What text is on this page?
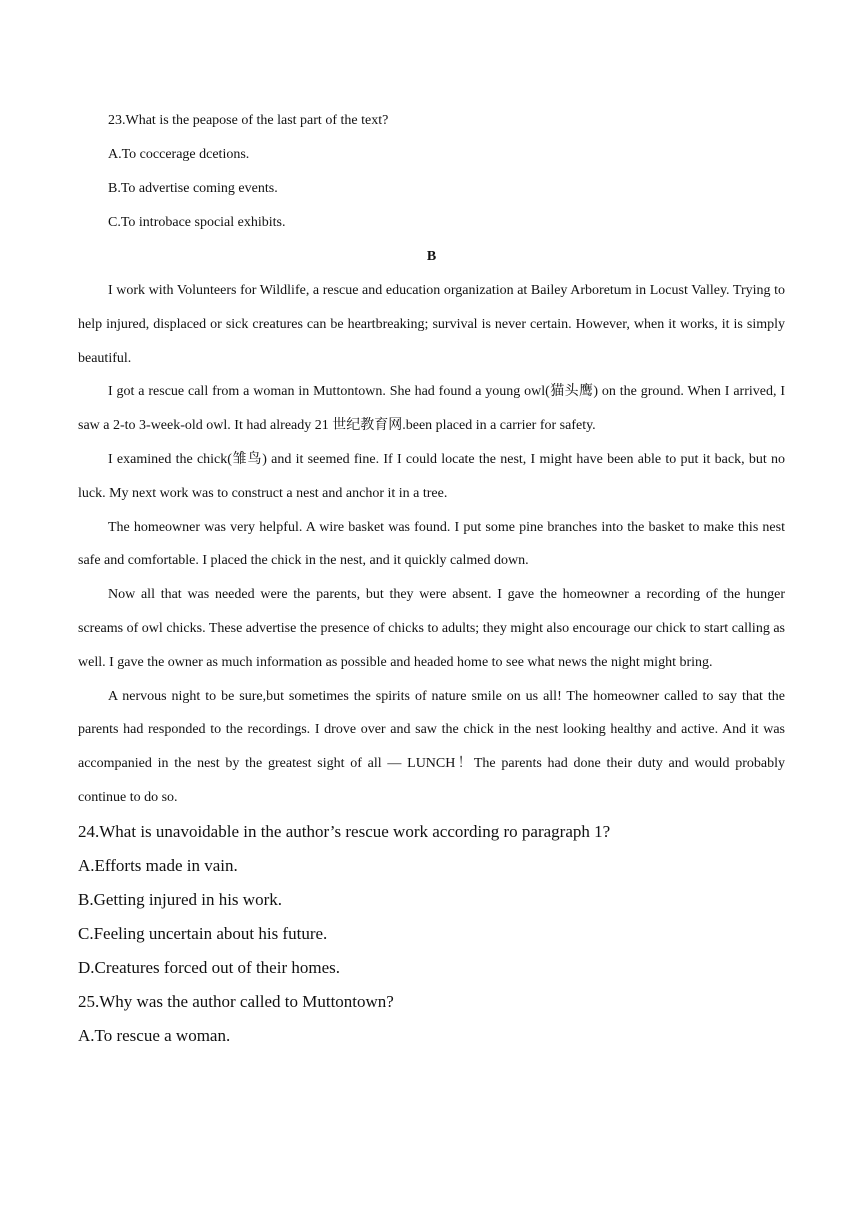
23.What is the peapose of the last part of the text?

A.To coccerage dcetions.

B.To advertise coming events.

C.To introbace spocial exhibits.

B

I work with Volunteers for Wildlife, a rescue and education organization at Bailey Arboretum in Locust Valley. Trying to help injured, displaced or sick creatures can be heartbreaking; survival is never certain. However, when it works, it is simply beautiful.

I got a rescue call from a woman in Muttontown. She had found a young owl(猫头鹰) on the ground. When I arrived, I saw a 2-to 3-week-old owl. It had already 21 世纪教育网.been placed in a carrier for safety.

I examined the chick(雏鸟) and it seemed fine. If I could locate the nest, I might have been able to put it back, but no luck. My next work was to construct a nest and anchor it in a tree.

The homeowner was very helpful. A wire basket was found. I put some pine branches into the basket to make this nest safe and comfortable. I placed the chick in the nest, and it quickly calmed down.

Now all that was needed were the parents, but they were absent. I gave the homeowner a recording of the hunger screams of owl chicks. These advertise the presence of chicks to adults; they might also encourage our chick to start calling as well. I gave the owner as much information as possible and headed home to see what news the night might bring.

A nervous night to be sure,but sometimes the spirits of nature smile on us all! The homeowner called to say that the parents had responded to the recordings. I drove over and saw the chick in the nest looking healthy and active. And it was accompanied in the nest by the greatest sight of all — LUNCH！The parents had done their duty and would probably continue to do so.

24.What is unavoidable in the author’s rescue work according ro paragraph 1?

A.Efforts made in vain.

B.Getting injured in his work.

C.Feeling uncertain about his future.

D.Creatures forced out of their homes.

25.Why was the author called to Muttontown?

A.To rescue a woman.
